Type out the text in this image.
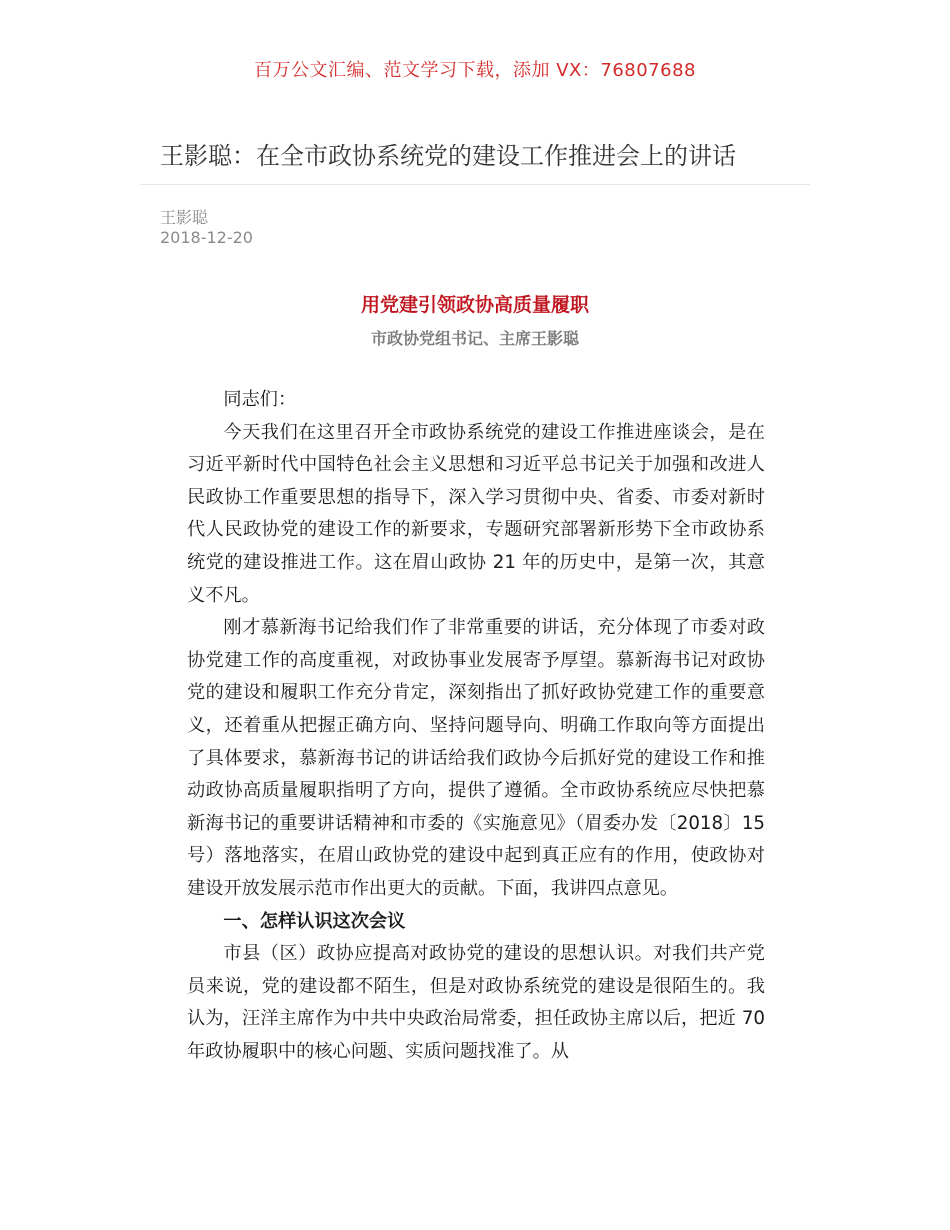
百万公文汇编、范文学习下载，添加 VX：76807688
王影聪：在全市政协系统党的建设工作推进会上的讲话
王影聪
2018-12-20
用党建引领政协高质量履职
市政协党组书记、主席王影聪

同志们：

今天我们在这里召开全市政协系统党的建设工作推进座谈会，是在习近平新时代中国特色社会主义思想和习近平总书记关于加强和改进人民政协工作重要思想的指导下，深入学习贯彻中央、省委、市委对新时代人民政协党的建设工作的新要求，专题研究部署新形势下全市政协系统党的建设推进工作。这在眉山政协 21 年的历史中，是第一次，其意义不凡。

刚才慕新海书记给我们作了非常重要的讲话，充分体现了市委对政协党建工作的高度重视，对政协事业发展寄予厚望。慕新海书记对政协党的建设和履职工作充分肯定，深刻指出了抓好政协党建工作的重要意义，还着重从把握正确方向、坚持问题导向、明确工作取向等方面提出了具体要求，慕新海书记的讲话给我们政协今后抓好党的建设工作和推动政协高质量履职指明了方向，提供了遵循。全市政协系统应尽快把慕新海书记的重要讲话精神和市委的《实施意见》（眉委办发〔2018〕15 号）落地落实，在眉山政协党的建设中起到真正应有的作用，使政协对建设开放发展示范市作出更大的贡献。下面，我讲四点意见。

一、怎样认识这次会议

市县（区）政协应提高对政协党的建设的思想认识。对我们共产党员来说，党的建设都不陌生，但是对政协系统党的建设是很陌生的。我认为，汪洋主席作为中共中央政治局常委，担任政协主席以后，把近 70 年政协履职中的核心问题、实质问题找准了。从
